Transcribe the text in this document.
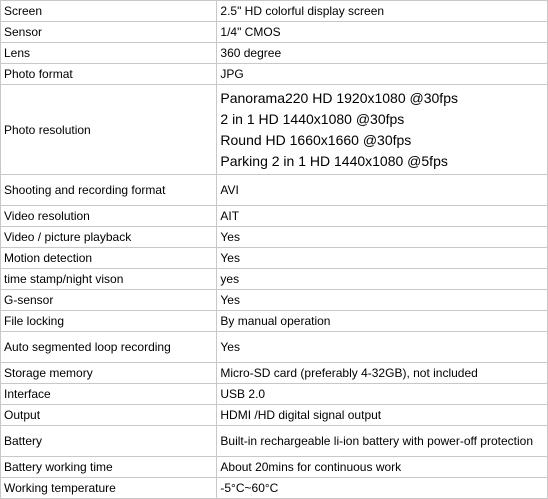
Screen	2.5" HD colorful display screen
Sensor	1/4" CMOS
Lens	360 degree
Photo format	JPG
Photo resolution	Panorama220 HD 1920x1080 @30fps
2 in 1 HD 1440x1080 @30fps
Round HD 1660x1660 @30fps
Parking 2 in 1 HD 1440x1080 @5fps

Shooting and recording format	AVI
Video resolution	AIT
Video / picture playback	Yes
Motion detection	Yes
time stamp/night vison	yes
G-sensor	Yes
File locking	By manual operation
Auto segmented loop recording	Yes
Storage memory	Micro-SD card (preferably 4-32GB), not included
Interface	USB 2.0
Output	HDMI /HD digital signal output
Battery	Built-in rechargeable li-ion battery with power-off protection
Battery working time	About 20mins for continuous work
Working temperature	-5°C~60°C
